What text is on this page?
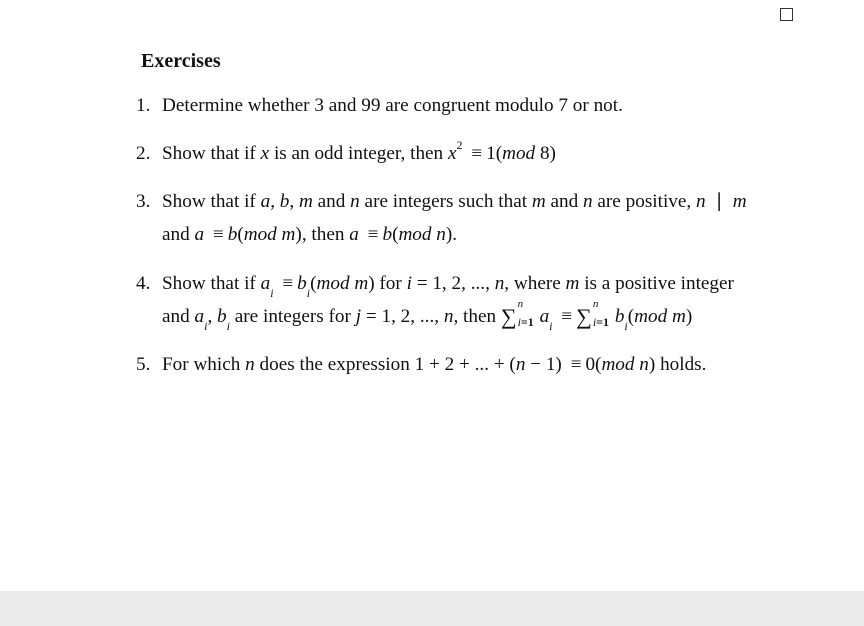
Exercises
1. Determine whether 3 and 99 are congruent modulo 7 or not.
2. Show that if x is an odd integer, then $x^2 \equiv 1(mod$ 8)
3. Show that if a, b, m and n are integers such that m and n are positive, n ∣ m
and a ≡ b(mod m), then a ≡ b(mod n).
4. Show that if $a_i \equiv b_i(mod$ m) for i = 1, 2, ..., n, where m is a positive integer
and $a_i$, $b_i$ are integers for j = 1, 2, ..., n, then ∑
n
i=1 $a_i$ ≡ ∑
n
i=1 $b_i(mod$ m)
5. For which n does the expression 1 + 2 + ... + (n − 1) ≡ 0(mod n) holds.
